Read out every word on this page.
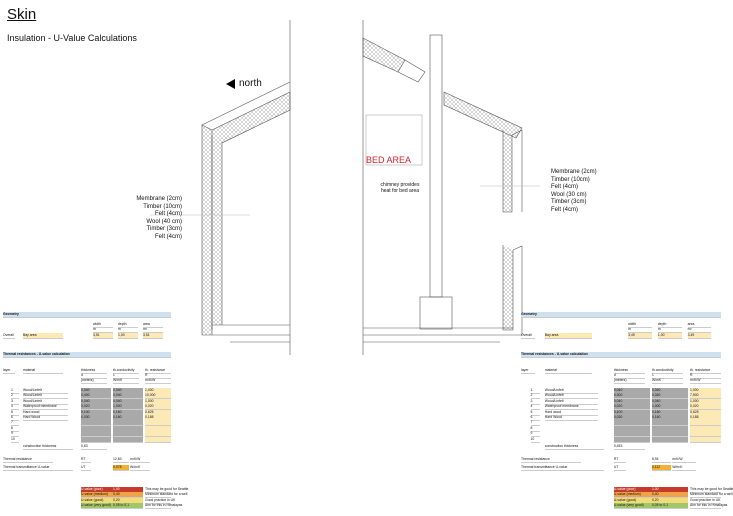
Skin
Insulation - U-Value Calculations
north
BED AREA
chimney provides
heat for bed area
Membrane (2cm)
Timber (10cm)
Felt (4cm)
Wool (40 cm)
Timber (3cm)
Felt (4cm)
Membrane (2cm)
Timber (10cm)
Felt (4cm)
Wool (30 cm)
Timber (3cm)
Felt (4cm)
Geometry
width	depth	area
m	m	m²
Overall	Bay area	3,51	1,00	3,51
Thermal resistances - U-value calculation
layer	material	thickness	th.conductivity	th. resistance
d	λ	R
(meters)	W/mK	m²K/W
1	Wood/Linfelt	0,040	0,040	1,000
2	Wood/Linfelt	0,400	0,040	10,000
3	Wood/Linfelt	0,040	0,040	1,000
4	Waterproof membrane	0,020	1,000	0,020
5	Hard wood	0,100	0,160	0,625
6	Hard Wood	0,030	0,160	0,188
7
8
9
10
construction thickness	0,63
Thermal resistance	RT	12,83	m²K/W
Thermal transmittance U-value	UT	0,078	W/m²K
U-value (poor)	1,00	This may be good for Seattle
U-value (medium)	0,40	Minimum standard for a well
U-value (good)	0,20	Good practice in UK
U-value (very good) 0,05 to 0,1	Aim for this in Himalayas
Geometry
width	depth	area
m	m	m²
Overall	Bay area	3,49	1,00	3,49
Thermal resistances - U-value calculation
layer	material	thickness	th.conductivity	th. resistance
d	λ	R
(meters)	W/mK	m²K/W
1	Wood/Linfelt	0,040	0,040	1,000
2	Wood/Linfelt	0,300	0,040	7,500
3	Wood/Linfelt	0,040	0,040	1,000
4	Waterproof membrane	0,020	1,000	0,020
5	Hard wood	0,100	0,160	0,625
6	Hard Wood	0,030	0,160	0,188
7
8
9
10
construction thickness	0,453
Thermal resistance	RT	8,94	m²K/W
Thermal transmittance U-value	UT	0,112	W/m²K
U-value (poor)	1,00	This may be good for Seattle
U-value (medium)	0,40	Minimum standard for a well
U-value (good)	0,20	Good practice in UK
U-value (very good)	0,05 to 0,1	Aim for this in Himalayas
